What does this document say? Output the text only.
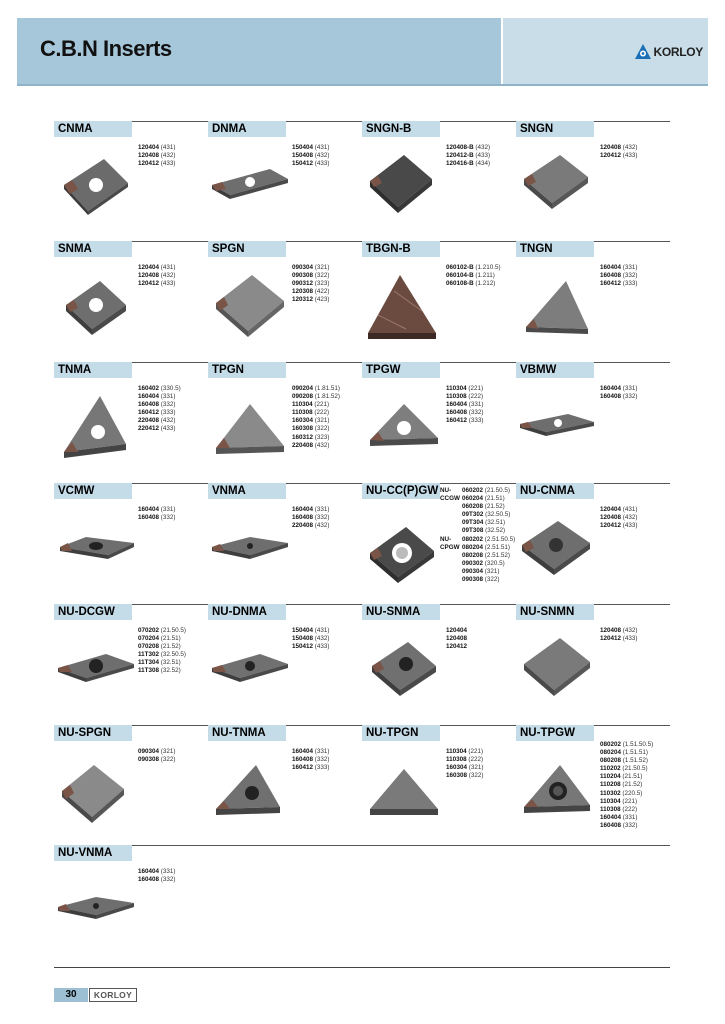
C.B.N Inserts	KORLOY
CNMA
120404 (431)
120408 (432)
120412 (433)
DNMA
150404 (431)
150408 (432)
150412 (433)
SNGN-B
120408-B (432)
120412-B (433)
120416-B (434)
SNGN
120408 (432)
120412 (433)
SNMA
120404 (431)
120408 (432)
120412 (433)
SPGN
090304 (321)
090308 (322)
090312 (323)
120308 (422)
120312 (423)
TBGN-B
060102-B (1.210.5)
060104-B (1.211)
060108-B (1.212)
TNGN
160404 (331)
160408 (332)
160412 (333)
TNMA
160402 (330.5)
160404 (331)
160408 (332)
160412 (333)
220408 (432)
220412 (433)
TPGN
090204 (1.81.51)
090208 (1.81.52)
110304 (221)
110308 (222)
160304 (321)
160308 (322)
160312 (323)
220408 (432)
TPGW
110304 (221)
110308 (222)
160404 (331)
160408 (332)
160412 (333)
VBMW
160404 (331)
160408 (332)
VCMW
160404 (331)
160408 (332)
VNMA
160404 (331)
160408 (332)
220408 (432)
NU-CC(P)GW NU- 060202 (21.50.5)
CCGW 060204 (21.51)
060208 (21.52)
09T302 (32.50.5)
09T304 (32.51)
09T308 (32.52)
NU- 080202 (2.51.50.5)
CPGW 080204 (2.51.51)
080208 (2.51.52)
090302 (320.5)
090304 (321)
090308 (322)
NU-CNMA
120404 (431)
120408 (432)
120412 (433)
NU-DCGW
070202 (21.50.5)
070204 (21.51)
070208 (21.52)
11T302 (32.50.5)
11T304 (32.51)
11T308 (32.52)
NU-DNMA
150404 (431)
150408 (432)
150412 (433)
NU-SNMA
120404
120408
120412
NU-SNMN
120408 (432)
120412 (433)
NU-SPGN
090304 (321)
090308 (322)
NU-TNMA
160404 (331)
160408 (332)
160412 (333)
NU-TPGN
110304 (221)
110308 (222)
160304 (321)
160308 (322)
NU-TPGW
080202 (1.51.50.5)
080204 (1.51.51)
080208 (1.51.52)
110202 (21.50.5)
110204 (21.51)
110208 (21.52)
110302 (220.5)
110304 (221)
110308 (222)
160404 (331)
160408 (332)
NU-VNMA
160404 (331)
160408 (332)
30	KORLOY
